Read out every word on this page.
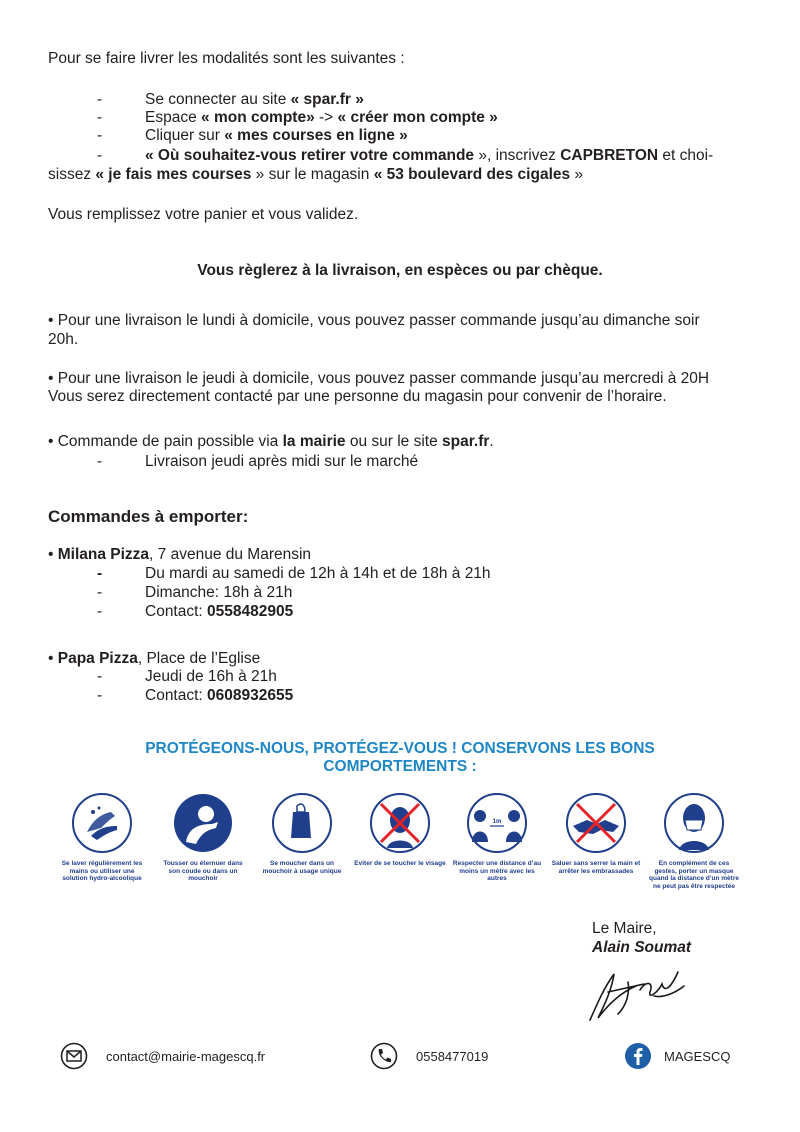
Pour se faire livrer les modalités sont les suivantes :
-	Se connecter au site « spar.fr »
-	Espace « mon compte» -> « créer mon compte »
-	Cliquer sur « mes courses en ligne »
-	« Où souhaitez-vous retirer votre commande », inscrivez CAPBRETON et choi-
sissez « je fais mes courses » sur le magasin « 53 boulevard des cigales »
Vous remplissez votre panier et vous validez.
Vous règlerez à la livraison, en espèces ou par chèque.
• Pour une livraison le lundi à domicile, vous pouvez passer commande jusqu’au dimanche soir
20h.
• Pour une livraison le jeudi à domicile, vous pouvez passer commande jusqu’au mercredi à 20H
Vous serez directement contacté par une personne du magasin pour convenir de l’horaire.
• Commande de pain possible via la mairie ou sur le site spar.fr.
-	Livraison jeudi après midi sur le marché
Commandes à emporter:
• Milana Pizza, 7 avenue du Marensin
-	Du mardi au samedi de 12h à 14h et de 18h à 21h
-	Dimanche: 18h à 21h
-	Contact: 0558482905
• Papa Pizza, Place de l’Eglise
-	Jeudi de 16h à 21h
-	Contact: 0608932655
PROTÉGEONS-NOUS, PROTÉGEZ-VOUS ! CONSERVONS LES BONS
COMPORTEMENTS :
Se laver régulièrement les mains ou utiliser une solution hydro-alcoolique
Tousser ou éternuer dans son coude ou dans un mouchoir
Se moucher dans un mouchoir à usage unique
Eviter de se toucher le visage
1m
Respecter une distance d’au moins un mètre avec les autres
Saluer sans serrer la main et arrêter les embrassades
En complément de ces gestes, porter un masque quand la distance d’un mètre ne peut pas être respectée
Le Maire,
Alain Soumat
contact@mairie-magescq.fr	0558477019	MAGESCQ
